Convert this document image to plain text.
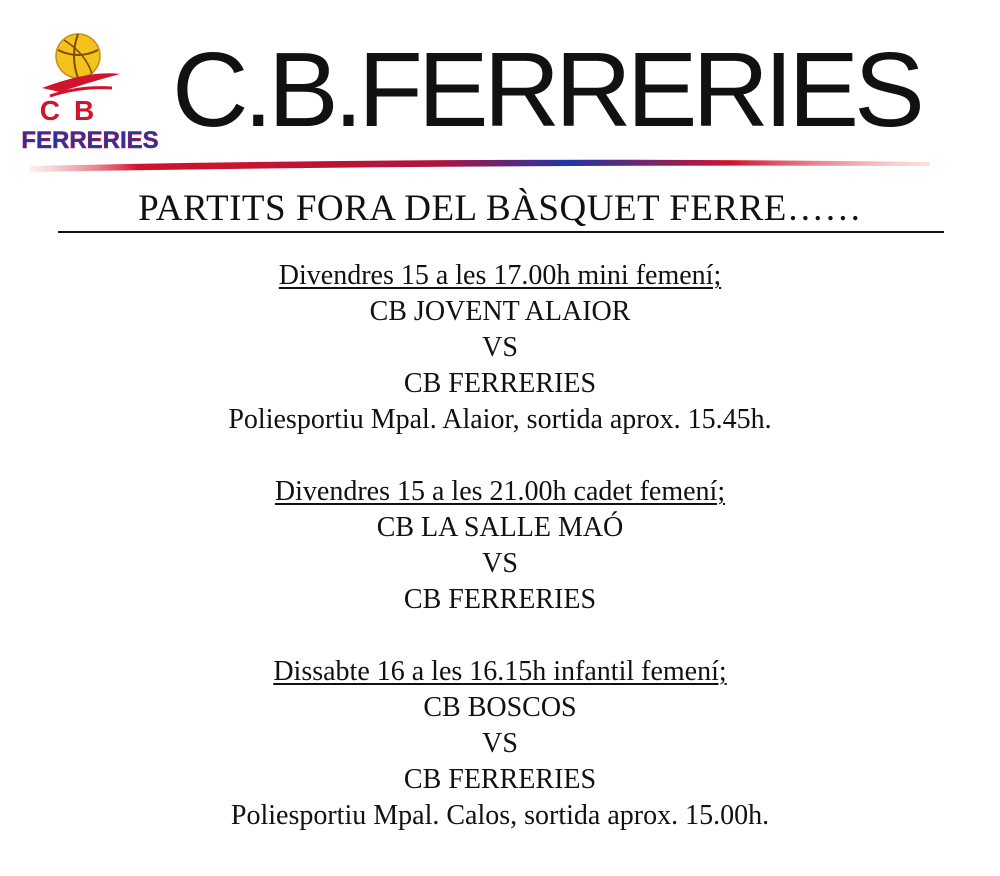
CB
FERRERIES C.B.FERRERIES
PARTITS FORA DEL BÀSQUET FERRE……
Divendres 15 a les 17.00h mini femení;
CB JOVENT ALAIOR
VS
CB FERRERIES
Poliesportiu Mpal. Alaior, sortida aprox. 15.45h.
Divendres 15 a les 21.00h cadet femení;
CB LA SALLE MAÓ
VS
CB FERRERIES
Dissabte 16 a les 16.15h infantil femení;
CB BOSCOS
VS
CB FERRERIES
Poliesportiu Mpal. Calos, sortida aprox. 15.00h.
